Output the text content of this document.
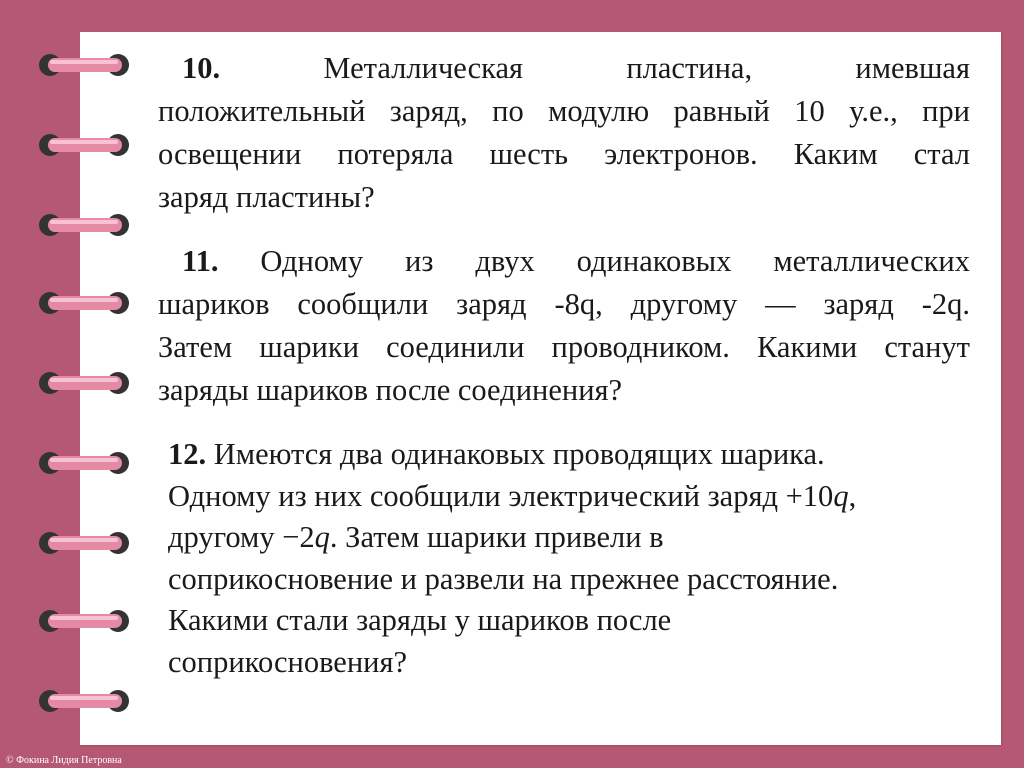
10.	Металлическая пластина, имевшая
положительный заряд, по модулю равный 10 у.е., при
освещении потеряла шесть электронов. Каким стал
заряд пластины?
11. Одному из двух одинаковых металлических
шариков сообщили заряд -8q, другому — заряд -2q.
Затем шарики соединили проводником. Какими станут
заряды шариков после соединения?
12. Имеются два одинаковых проводящих шарика.
Одному из них сообщили электрический заряд +10q,
другому −2q. Затем шарики привели в
соприкосновение и развели на прежнее расстояние.
Какими стали заряды у шариков после
соприкосновения?
© Фокина Лидия Петровна
